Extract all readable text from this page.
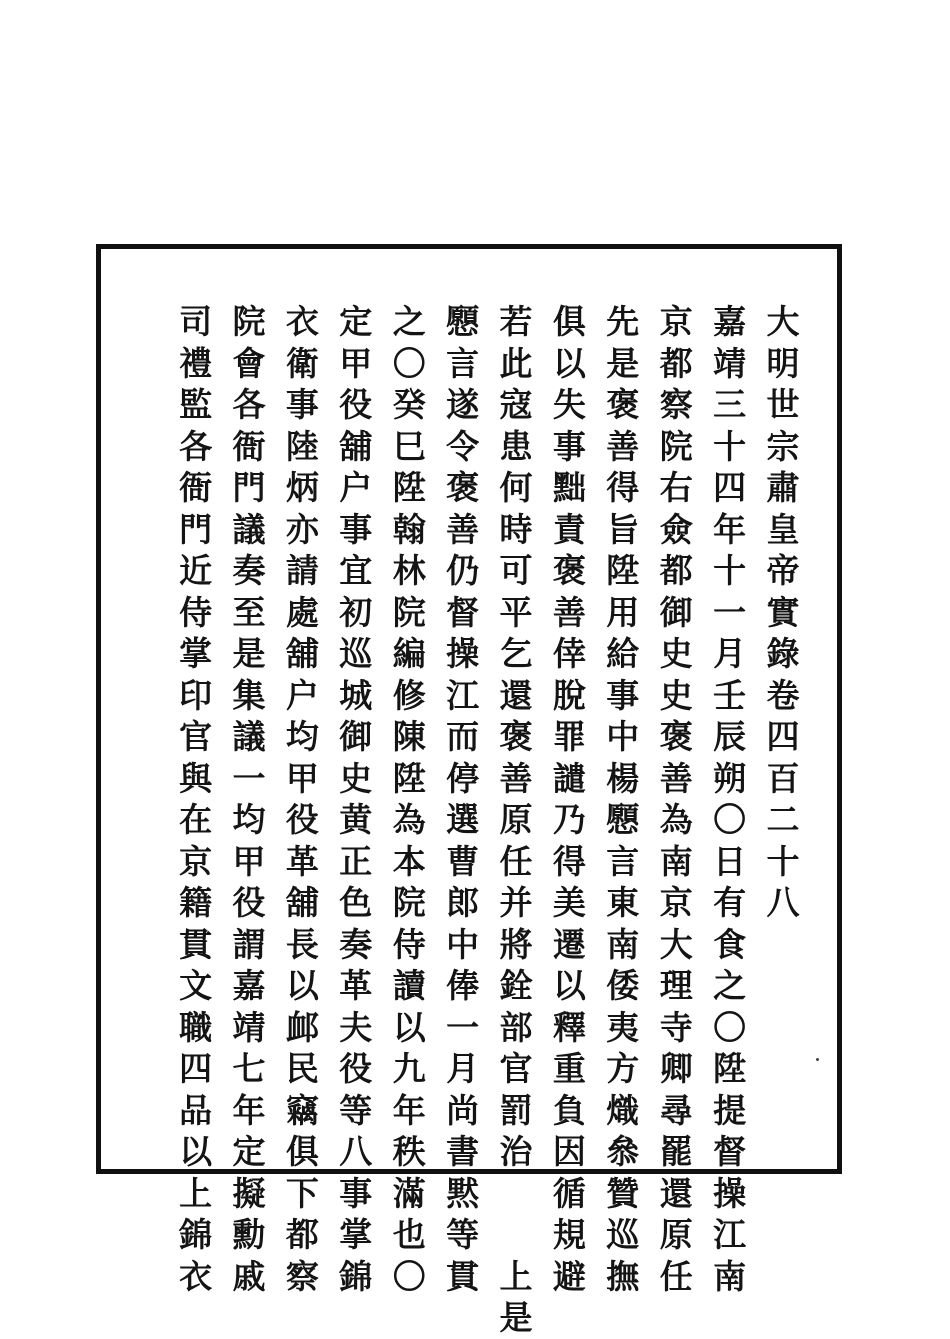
大
明
世
宗
肅
皇
帝
實
錄
卷
四
百
二
十
八
嘉
靖
三
十
四
年
十
一
月
壬
辰
朔
〇
日
有
食
之
〇
陞
提
督
操
江
南
京
都
察
院
右
僉
都
御
史
史
褒
善
為
南
京
大
理
寺
卿
尋
罷
還
原
任
先
是
褒
善
得
旨
陞
用
給
事
中
楊
𢥧
言
東
南
倭
夷
方
熾
叅
贊
巡
撫
俱
以
失
事
黜
責
褒
善
倖
脫
罪
譴
乃
得
美
遷
以
釋
重
負
因
循
規
避
若
此
寇
患
何
時
可
平
乞
還
褒
善
原
任
并
將
銓
部
官
罰
治
上
是
𢥧
言
遂
令
褒
善
仍
督
操
江
而
停
選
曹
郎
中
俸
一
月
尚
書
黙
等
貫
之
〇
癸
巳
陞
翰
林
院
編
修
陳
陞
為
本
院
侍
讀
以
九
年
秩
滿
也
〇
定
甲
役
舖
户
事
宜
初
巡
城
御
史
黄
正
色
奏
革
夫
役
等
八
事
掌
錦
衣
衛
事
陸
炳
亦
請
處
舖
户
均
甲
役
革
舖
長
以
䘏
民
竊
俱
下
都
察
院
會
各
衙
門
議
奏
至
是
集
議
一
均
甲
役
謂
嘉
靖
七
年
定
擬
勳
戚
司
禮
監
各
衙
門
近
侍
掌
印
官
與
在
京
籍
貫
文
職
四
品
以
上
錦
衣
